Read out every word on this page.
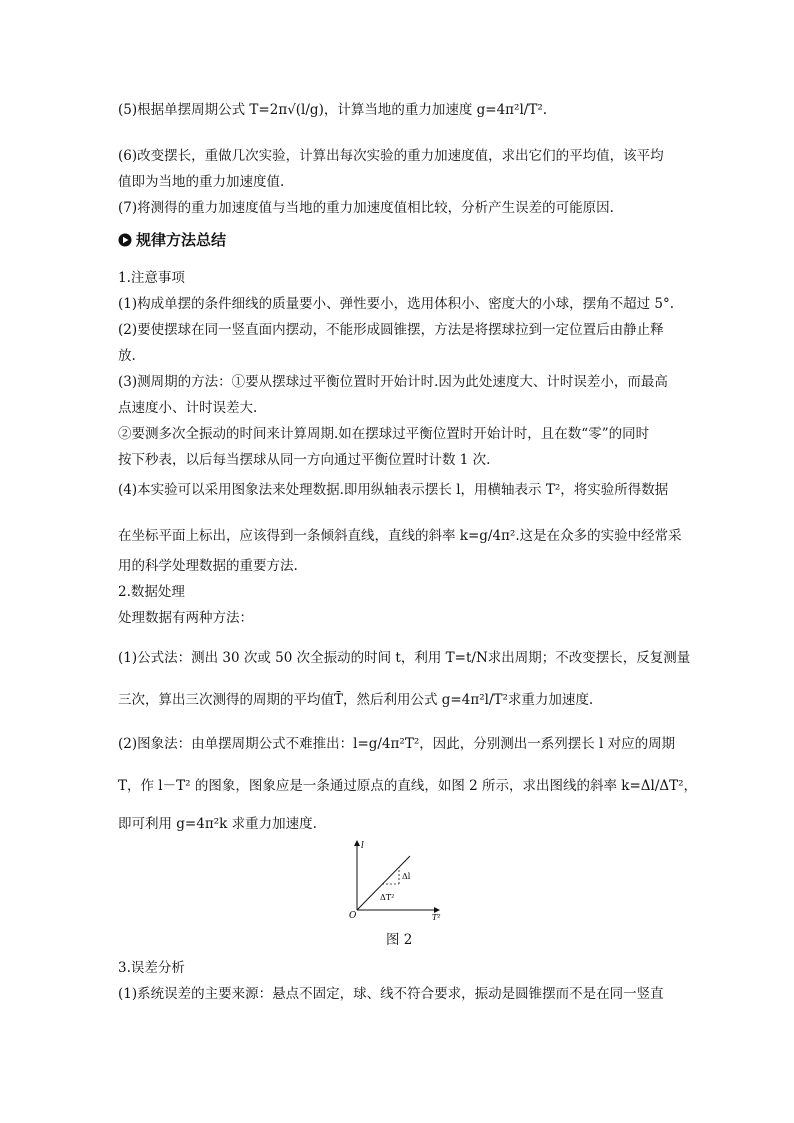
(5)根据单摆周期公式 T=2π√(l/g)，计算当地的重力加速度 g=4π²l/T².
(6)改变摆长，重做几次实验，计算出每次实验的重力加速度值，求出它们的平均值，该平均
值即为当地的重力加速度值.
(7)将测得的重力加速度值与当地的重力加速度值相比较，分析产生误差的可能原因.
规律方法总结
1.注意事项
(1)构成单摆的条件细线的质量要小、弹性要小，选用体积小、密度大的小球，摆角不超过 5°.
(2)要使摆球在同一竖直面内摆动，不能形成圆锥摆，方法是将摆球拉到一定位置后由静止释
放.
(3)测周期的方法：①要从摆球过平衡位置时开始计时.因为此处速度大、计时误差小，而最高
点速度小、计时误差大.
②要测多次全振动的时间来计算周期.如在摆球过平衡位置时开始计时，且在数“零”的同时
按下秒表，以后每当摆球从同一方向通过平衡位置时计数 1 次.
(4)本实验可以采用图象法来处理数据.即用纵轴表示摆长 l，用横轴表示 T²，将实验所得数据
在坐标平面上标出，应该得到一条倾斜直线，直线的斜率 k=g/4π².这是在众多的实验中经常采
用的科学处理数据的重要方法.
2.数据处理
处理数据有两种方法：
(1)公式法：测出 30 次或 50 次全振动的时间 t，利用 T=t/N求出周期；不改变摆长，反复测量
三次，算出三次测得的周期的平均值T̄，然后利用公式 g=4π²l/T²求重力加速度.
(2)图象法：由单摆周期公式不难推出：l=g/4π²T²，因此，分别测出一系列摆长 l 对应的周期
T，作 l－T² 的图象，图象应是一条通过原点的直线，如图 2 所示，求出图线的斜率 k=Δl/ΔT²，
即可利用 g=4π²k 求重力加速度.
l
T²
O
Δl
ΔT²
图 2
3.误差分析
(1)系统误差的主要来源：悬点不固定，球、线不符合要求，振动是圆锥摆而不是在同一竖直
